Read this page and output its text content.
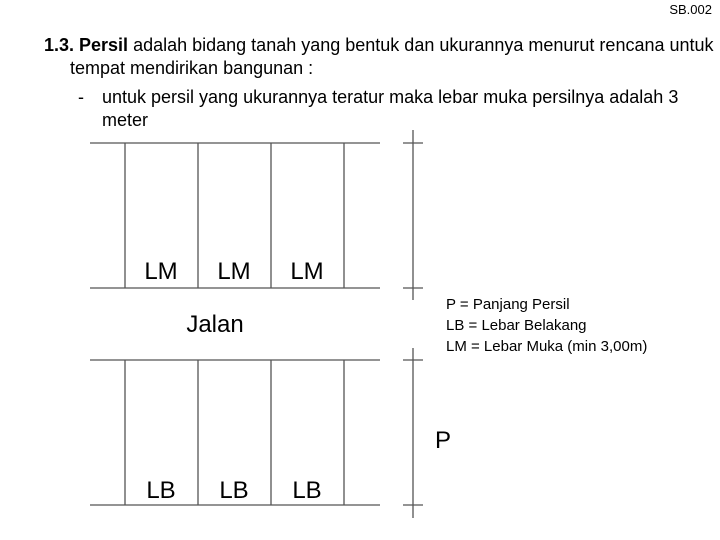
SB.002
1.3. Persil adalah bidang tanah yang bentuk dan ukurannya menurut rencana untuk tempat mendirikan bangunan :
- untuk persil yang ukurannya teratur maka lebar muka persilnya adalah 3 meter
LM LM LM
LB LB LB
Jalan
P
P = Panjang Persil
LB = Lebar Belakang
LM = Lebar Muka (min 3,00m)
